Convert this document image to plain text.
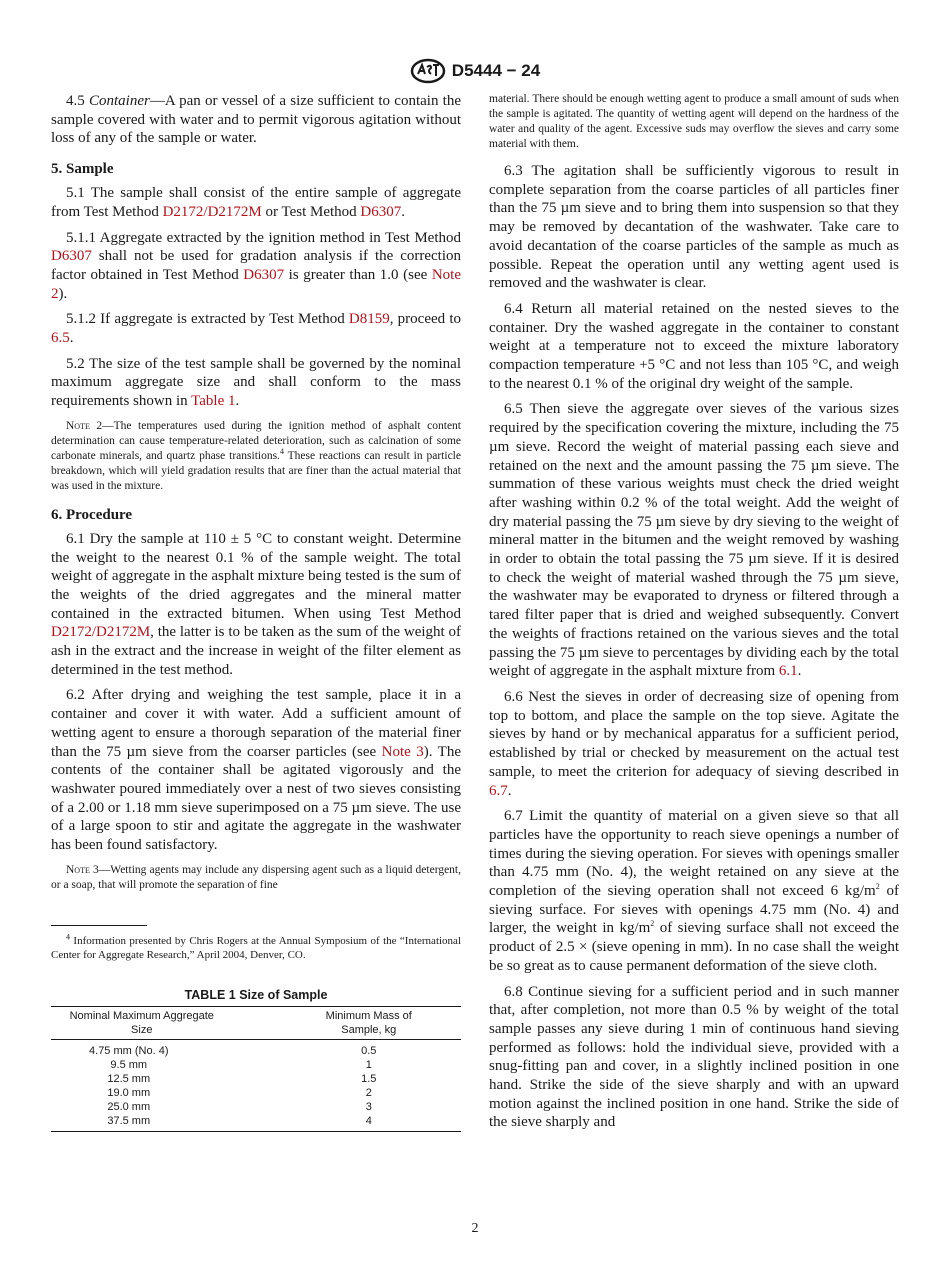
D5444 − 24

4.5 Container—A pan or vessel of a size sufficient to contain the sample covered with water and to permit vigorous agitation without loss of any of the sample or water.

5. Sample

5.1 The sample shall consist of the entire sample of aggregate from Test Method D2172/D2172M or Test Method D6307.

5.1.1 Aggregate extracted by the ignition method in Test Method D6307 shall not be used for gradation analysis if the correction factor obtained in Test Method D6307 is greater than 1.0 (see Note 2).

5.1.2 If aggregate is extracted by Test Method D8159, proceed to 6.5.

5.2 The size of the test sample shall be governed by the nominal maximum aggregate size and shall conform to the mass requirements shown in Table 1.

Note 2—The temperatures used during the ignition method of asphalt content determination can cause temperature-related deterioration, such as calcination of some carbonate minerals, and quartz phase transitions.$^4$ These reactions can result in particle breakdown, which will yield gradation results that are finer than the actual material that was used in the mixture.
6. Procedure

6.1 Dry the sample at 110 ± 5 °C to constant weight. Determine the weight to the nearest 0.1 % of the sample weight. The total weight of aggregate in the asphalt mixture being tested is the sum of the weights of the dried aggregates and the mineral matter contained in the extracted bitumen. When using Test Method D2172/D2172M, the latter is to be taken as the sum of the weight of ash in the extract and the increase in weight of the filter element as determined in the test method.

6.2 After drying and weighing the test sample, place it in a container and cover it with water. Add a sufficient amount of wetting agent to ensure a thorough separation of the material finer than the 75 µm sieve from the coarser particles (see Note 3). The contents of the container shall be agitated vigorously and the washwater poured immediately over a nest of two sieves consisting of a 2.00 or 1.18 mm sieve superimposed on a 75 µm sieve. The use of a large spoon to stir and agitate the aggregate in the washwater has been found satisfactory.

Note 3—Wetting agents may include any dispersing agent such as a liquid detergent, or a soap, that will promote the separation of fine
$^4$ Information presented by Chris Rogers at the Annual Symposium of the “International Center for Aggregate Research,” April 2004, Denver, CO.
TABLE 1 Size of Sample
Nominal Maximum Aggregate Size	Minimum Mass of Sample, kg
4.75 mm (No. 4)	0.5
9.5 mm	1
12.5 mm	1.5
19.0 mm	2
25.0 mm	3
37.5 mm	4
material. There should be enough wetting agent to produce a small amount of suds when the sample is agitated. The quantity of wetting agent will depend on the hardness of the water and quality of the agent. Excessive suds may overflow the sieves and carry some material with them.

6.3 The agitation shall be sufficiently vigorous to result in complete separation from the coarse particles of all particles finer than the 75 µm sieve and to bring them into suspension so that they may be removed by decantation of the washwater. Take care to avoid decantation of the coarse particles of the sample as much as possible. Repeat the operation until any wetting agent used is removed and the washwater is clear.

6.4 Return all material retained on the nested sieves to the container. Dry the washed aggregate in the container to constant weight at a temperature not to exceed the mixture laboratory compaction temperature +5 °C and not less than 105 °C, and weigh to the nearest 0.1 % of the original dry weight of the sample.

6.5 Then sieve the aggregate over sieves of the various sizes required by the specification covering the mixture, including the 75 µm sieve. Record the weight of material passing each sieve and retained on the next and the amount passing the 75 µm sieve. The summation of these various weights must check the dried weight after washing within 0.2 % of the total weight. Add the weight of dry material passing the 75 µm sieve by dry sieving to the weight of mineral matter in the bitumen and the weight removed by washing in order to obtain the total passing the 75 µm sieve. If it is desired to check the weight of material washed through the 75 µm sieve, the washwater may be evaporated to dryness or filtered through a tared filter paper that is dried and weighed subsequently. Convert the weights of fractions retained on the various sieves and the total passing the 75 µm sieve to percentages by dividing each by the total weight of aggregate in the asphalt mixture from 6.1.

6.6 Nest the sieves in order of decreasing size of opening from top to bottom, and place the sample on the top sieve. Agitate the sieves by hand or by mechanical apparatus for a sufficient period, established by trial or checked by measurement on the actual test sample, to meet the criterion for adequacy of sieving described in 6.7.

6.7 Limit the quantity of material on a given sieve so that all particles have the opportunity to reach sieve openings a number of times during the sieving operation. For sieves with openings smaller than 4.75 mm (No. 4), the weight retained on any sieve at the completion of the sieving operation shall not exceed 6 $kg/m^2$ of sieving surface. For sieves with openings 4.75 mm (No. 4) and larger, the weight in $kg/m^2$ of sieving surface shall not exceed the product of 2.5 × (sieve opening in mm). In no case shall the weight be so great as to cause permanent deformation of the sieve cloth.

6.8 Continue sieving for a sufficient period and in such manner that, after completion, not more than 0.5 % by weight of the total sample passes any sieve during 1 min of continuous hand sieving performed as follows: hold the individual sieve, provided with a snug-fitting pan and cover, in a slightly inclined position in one hand. Strike the side of the sieve sharply and with an upward motion against the inclined position in one hand. Strike the side of the sieve sharply and

2
